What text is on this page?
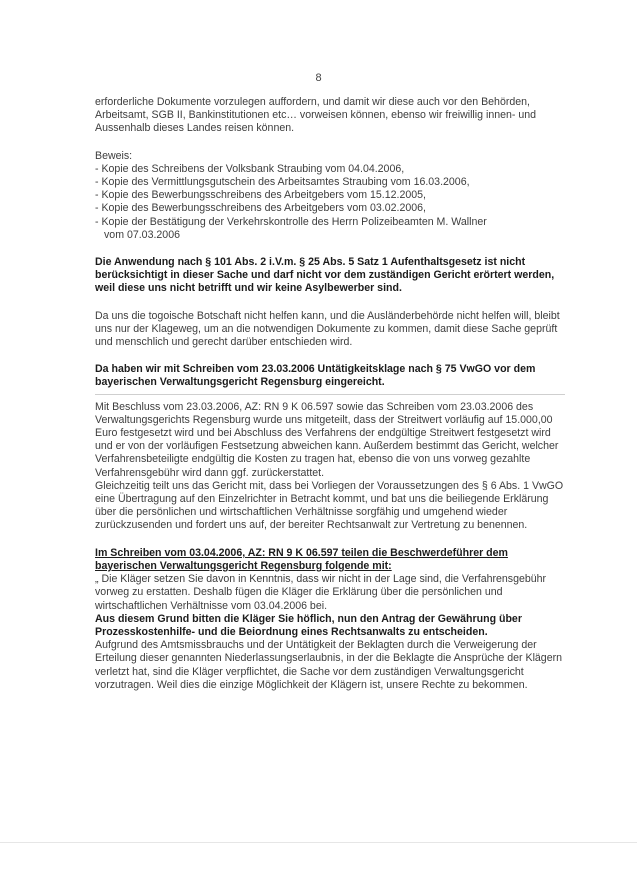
8

erforderliche Dokumente vorzulegen auffordern, und damit wir diese auch vor den Behörden, Arbeitsamt, SGB II, Bankinstitutionen etc… vorweisen können, ebenso wir freiwillig innen- und Aussenhalb dieses Landes reisen können.

Beweis:

- Kopie des Schreibens der Volksbank Straubing vom 04.04.2006,
- Kopie des Vermittlungsgutschein des Arbeitsamtes Straubing vom 16.03.2006,
- Kopie des Bewerbungsschreibens des Arbeitgebers vom 15.12.2005,
- Kopie des Bewerbungsschreibens des Arbeitgebers vom 03.02.2006,
- Kopie der Bestätigung der Verkehrskontrolle des Herrn Polizeibeamten M. Wallner
vom 07.03.2006

Die Anwendung nach § 101 Abs. 2 i.V.m. § 25 Abs. 5 Satz 1 Aufenthaltsgesetz ist nicht berücksichtigt in dieser Sache und darf nicht vor dem zuständigen Gericht erörtert werden, weil diese uns nicht betrifft und wir keine Asylbewerber sind.

Da uns die togoische Botschaft nicht helfen kann, und die Ausländerbehörde nicht helfen will, bleibt uns nur der Klageweg, um an die notwendigen Dokumente zu kommen, damit diese Sache geprüft und menschlich und gerecht darüber entschieden wird.

Da haben wir mit Schreiben vom 23.03.2006 Untätigkeitsklage nach § 75 VwGO vor dem bayerischen Verwaltungsgericht Regensburg eingereicht.

Mit Beschluss vom 23.03.2006, AZ: RN 9 K 06.597 sowie das Schreiben vom 23.03.2006 des Verwaltungsgerichts Regensburg wurde uns mitgeteilt, dass der Streitwert vorläufig auf 15.000,00 Euro festgesetzt wird und bei Abschluss des Verfahrens der endgültige Streitwert festgesetzt wird und er von der vorläufigen Festsetzung abweichen kann. Außerdem bestimmt das Gericht, welcher Verfahrensbeteiligte endgültig die Kosten zu tragen hat, ebenso die von uns vorweg gezahlte Verfahrensgebühr wird dann ggf. zurückerstattet.

Gleichzeitig teilt uns das Gericht mit, dass bei Vorliegen der Voraussetzungen des § 6 Abs. 1 VwGO eine Übertragung auf den Einzelrichter in Betracht kommt, und bat uns die beiliegende Erklärung über die persönlichen und wirtschaftlichen Verhältnisse sorgfähig und umgehend wieder zurückzusenden und fordert uns auf, der bereiter Rechtsanwalt zur Vertretung zu benennen.

Im Schreiben vom 03.04.2006, AZ: RN 9 K 06.597 teilen die Beschwerdeführer dem bayerischen Verwaltungsgericht Regensburg folgende mit:

„ Die Kläger setzen Sie davon in Kenntnis, dass wir nicht in der Lage sind, die Verfahrensgebühr vorweg zu erstatten. Deshalb fügen die Kläger die Erklärung über die persönlichen und wirtschaftlichen Verhältnisse vom 03.04.2006 bei.

Aus diesem Grund bitten die Kläger Sie höflich, nun den Antrag der Gewährung über Prozesskostenhilfe- und die Beiordnung eines Rechtsanwalts zu entscheiden.

Aufgrund des Amtsmissbrauchs und der Untätigkeit der Beklagten durch die Verweigerung der Erteilung dieser genannten Niederlassungserlaubnis, in der die Beklagte die Ansprüche der Klägern verletzt hat, sind die Kläger verpflichtet, die Sache vor dem zuständigen Verwaltungsgericht vorzutragen. Weil dies die einzige Möglichkeit der Klägern ist, unsere Rechte zu bekommen.
